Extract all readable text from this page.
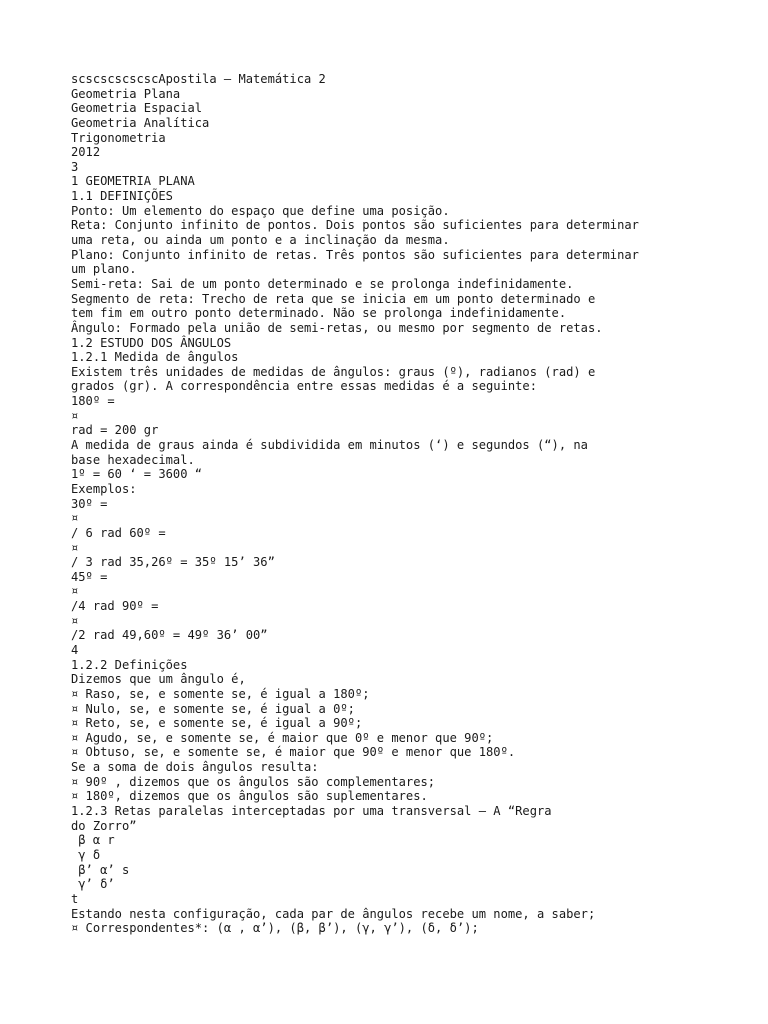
scscscscscscApostila – Matemática 2
Geometria Plana
Geometria Espacial
Geometria Analítica
Trigonometria
2012
3
1 GEOMETRIA PLANA
1.1 DEFINIÇÕES
Ponto: Um elemento do espaço que define uma posição.
Reta: Conjunto infinito de pontos. Dois pontos são suficientes para determinar
uma reta, ou ainda um ponto e a inclinação da mesma.
Plano: Conjunto infinito de retas. Três pontos são suficientes para determinar
um plano.
Semi-reta: Sai de um ponto determinado e se prolonga indefinidamente.
Segmento de reta: Trecho de reta que se inicia em um ponto determinado e
tem fim em outro ponto determinado. Não se prolonga indefinidamente.
Ângulo: Formado pela união de semi-retas, ou mesmo por segmento de retas.
1.2 ESTUDO DOS ÂNGULOS
1.2.1 Medida de ângulos
Existem três unidades de medidas de ângulos: graus (º), radianos (rad) e
grados (gr). A correspondência entre essas medidas é a seguinte:
180º =
¤
rad = 200 gr
A medida de graus ainda é subdividida em minutos (‘) e segundos (“), na
base hexadecimal.
1º = 60 ‘ = 3600 “
Exemplos:
30º =
¤
/ 6 rad 60º =
¤
/ 3 rad 35,26º = 35º 15’ 36”
45º =
¤
/4 rad 90º =
¤
/2 rad 49,60º = 49º 36’ 00”
4
1.2.2 Definições
Dizemos que um ângulo é,
¤ Raso, se, e somente se, é igual a 180º;
¤ Nulo, se, e somente se, é igual a 0º;
¤ Reto, se, e somente se, é igual a 90º;
¤ Agudo, se, e somente se, é maior que 0º e menor que 90º;
¤ Obtuso, se, e somente se, é maior que 90º e menor que 180º.
Se a soma de dois ângulos resulta:
¤ 90º , dizemos que os ângulos são complementares;
¤ 180º, dizemos que os ângulos são suplementares.
1.2.3 Retas paralelas interceptadas por uma transversal – A “Regra
do Zorro”
β α r
γ δ
β’ α’ s
γ’ δ’
t
Estando nesta configuração, cada par de ângulos recebe um nome, a saber;
¤ Correspondentes*: (α , α’), (β, β’), (γ, γ’), (δ, δ’);
